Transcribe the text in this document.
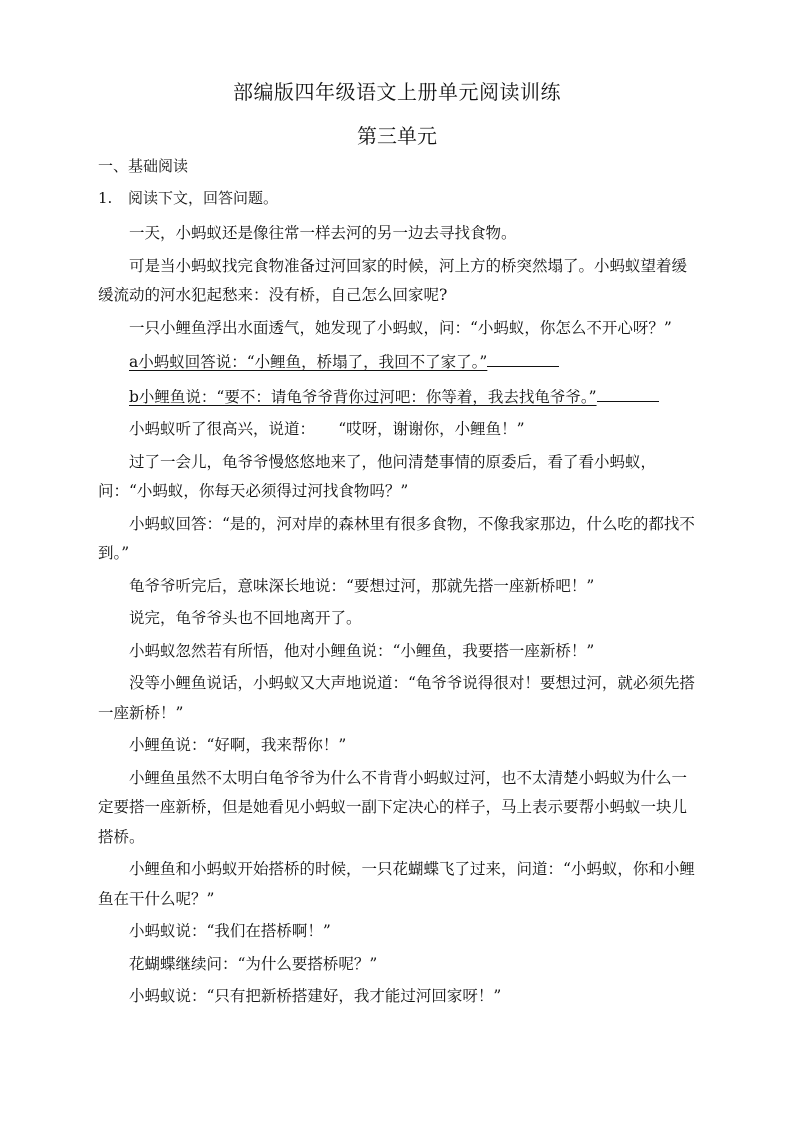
部编版四年级语文上册单元阅读训练
第三单元
一、基础阅读
1. 阅读下文，回答问题。

一天，小蚂蚁还是像往常一样去河的另一边去寻找食物。

可是当小蚂蚁找完食物准备过河回家的时候，河上方的桥突然塌了。小蚂蚁望着缓缓流动的河水犯起愁来：没有桥，自己怎么回家呢?

一只小鲤鱼浮出水面透气，她发现了小蚂蚁，问：“小蚂蚁，你怎么不开心呀？”

a小蚂蚁回答说：“小鲤鱼，桥塌了，我回不了家了。”

b小鲤鱼说：“要不：请龟爷爷背你过河吧：你等着，我去找龟爷爷。”

小蚂蚁听了很高兴，说道：　　“哎呀，谢谢你，小鲤鱼！”

过了一会儿，龟爷爷慢悠悠地来了，他问清楚事情的原委后，看了看小蚂蚁，问：“小蚂蚁，你每天必须得过河找食物吗？”

小蚂蚁回答：“是的，河对岸的森林里有很多食物，不像我家那边，什么吃的都找不到。”

龟爷爷听完后，意味深长地说：“要想过河，那就先搭一座新桥吧！”

说完，龟爷爷头也不回地离开了。

小蚂蚁忽然若有所悟，他对小鲤鱼说：“小鲤鱼，我要搭一座新桥！”

没等小鲤鱼说话，小蚂蚁又大声地说道：“龟爷爷说得很对！要想过河，就必须先搭一座新桥！”

小鲤鱼说：“好啊，我来帮你！”

小鲤鱼虽然不太明白龟爷爷为什么不肯背小蚂蚁过河，也不太清楚小蚂蚁为什么一定要搭一座新桥，但是她看见小蚂蚁一副下定决心的样子，马上表示要帮小蚂蚁一块儿搭桥。

小鲤鱼和小蚂蚁开始搭桥的时候，一只花蝴蝶飞了过来，问道：“小蚂蚁，你和小鲤鱼在干什么呢？”

小蚂蚁说：“我们在搭桥啊！”

花蝴蝶继续问：“为什么要搭桥呢？”

小蚂蚁说：“只有把新桥搭建好，我才能过河回家呀！”
